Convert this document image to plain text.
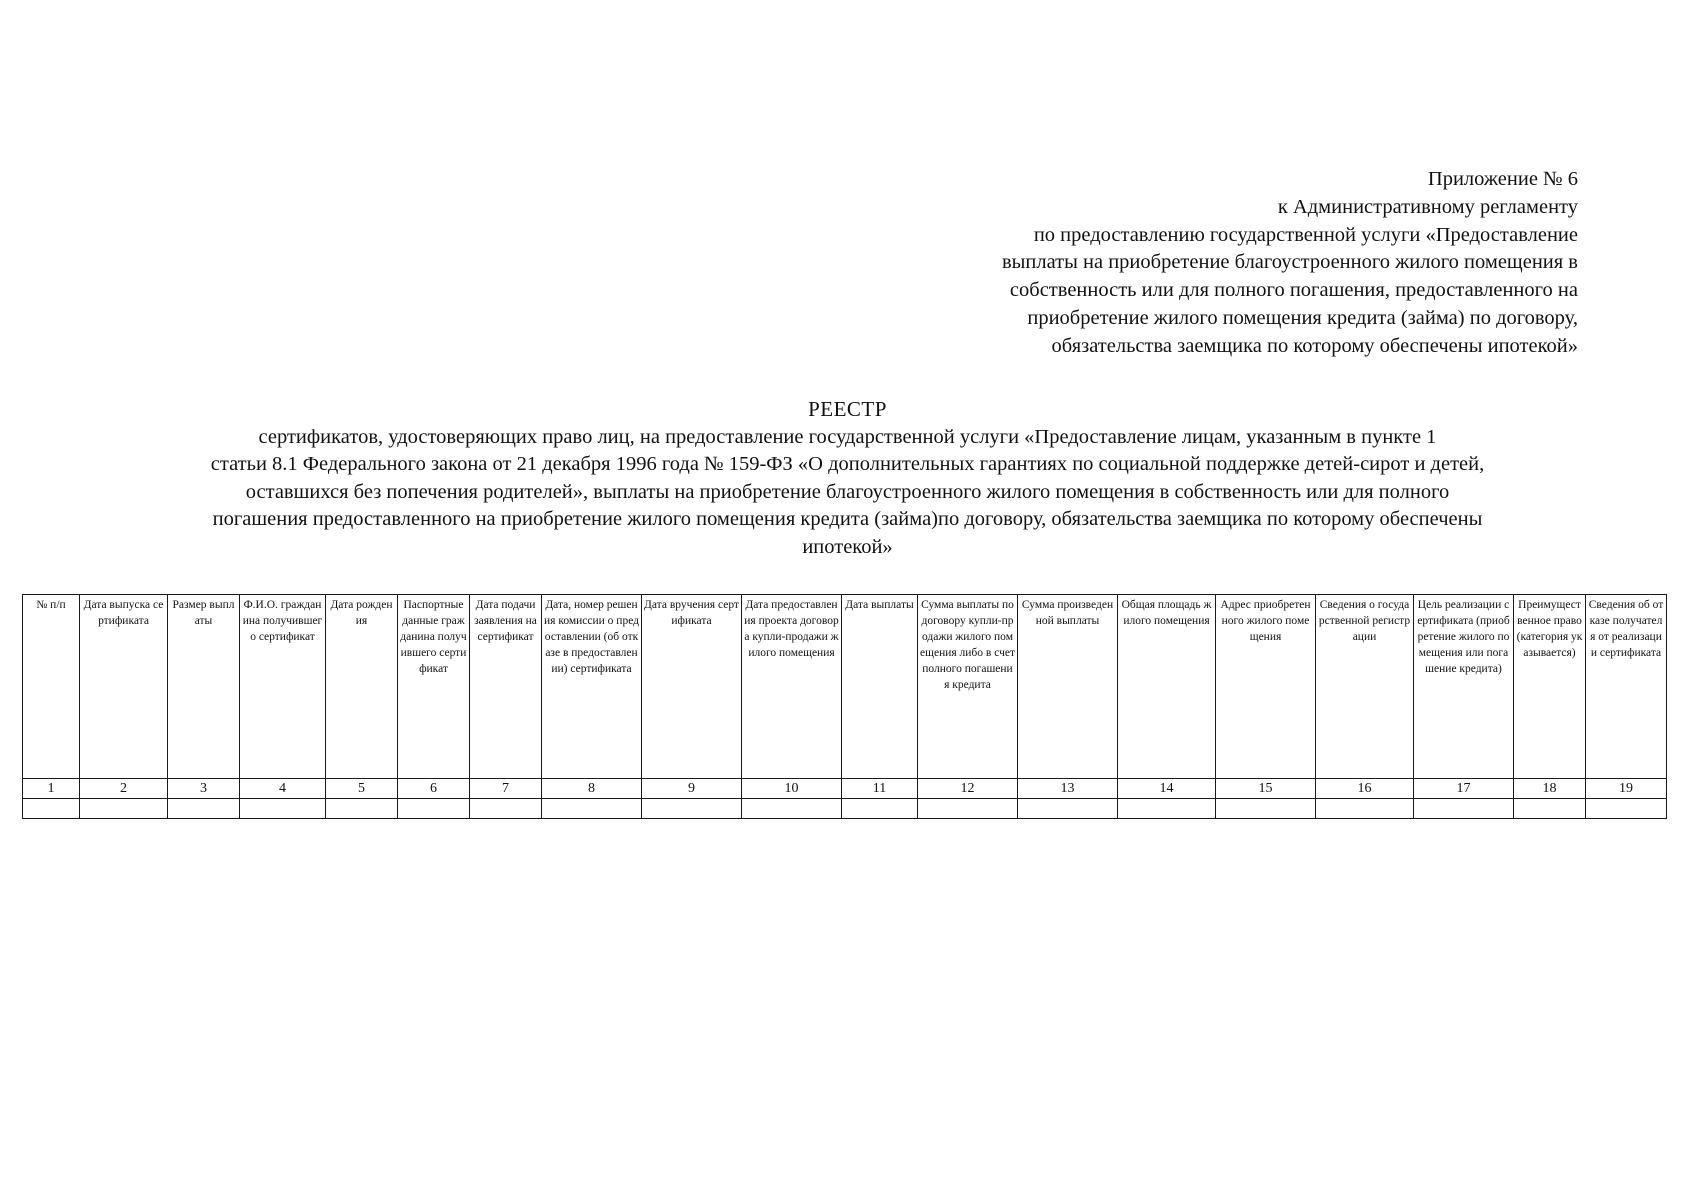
Приложение № 6
к Административному регламенту
по предоставлению государственной услуги «Предоставление
выплаты на приобретение благоустроенного жилого помещения в
собственность или для полного погашения, предоставленного на
приобретение жилого помещения кредита (займа) по договору,
обязательства заемщика по которому обеспечены ипотекой»
РЕЕСТР
сертификатов, удостоверяющих право лиц, на предоставление государственной услуги «Предоставление лицам, указанным в пункте 1
статьи 8.1 Федерального закона от 21 декабря 1996 года № 159-ФЗ «О дополнительных гарантиях по социальной поддержке детей-сирот и детей,
оставшихся без попечения родителей», выплаты на приобретение благоустроенного жилого помещения в собственность или для полного
погашения предоставленного на приобретение жилого помещения кредита (займа)по договору, обязательства заемщика по которому обеспечены
ипотекой»
№ п/п	Дата выпуска сертификата	Размер выплаты	Ф.И.О. гражданина получившего сертификат	Дата рождения	Паспортные данные гражданина получившего сертификат	Дата подачи заявления на сертификат	Дата, номер решения комиссии о предоставлении (об отказе в предоставлении) сертификата	Дата вручения сертификата	Дата предоставления проекта договора купли-продажи жилого помещения	Дата выплаты	Сумма выплаты по договору купли-продажи жилого помещения либо в счет полного погашения кредита	Сумма произведенной выплаты	Общая площадь жилого помещения	Адрес приобретенного жилого помещения	Сведения о государственной регистрации	Цель реализации сертификата (приобретение жилого помещения или погашение кредита)	Преимущественное право (категория указывается)	Сведения об отказе получателя от реализации сертификата
1	2	3	4	5	6	7	8	9	10	11	12	13	14	15	16	17	18	19
